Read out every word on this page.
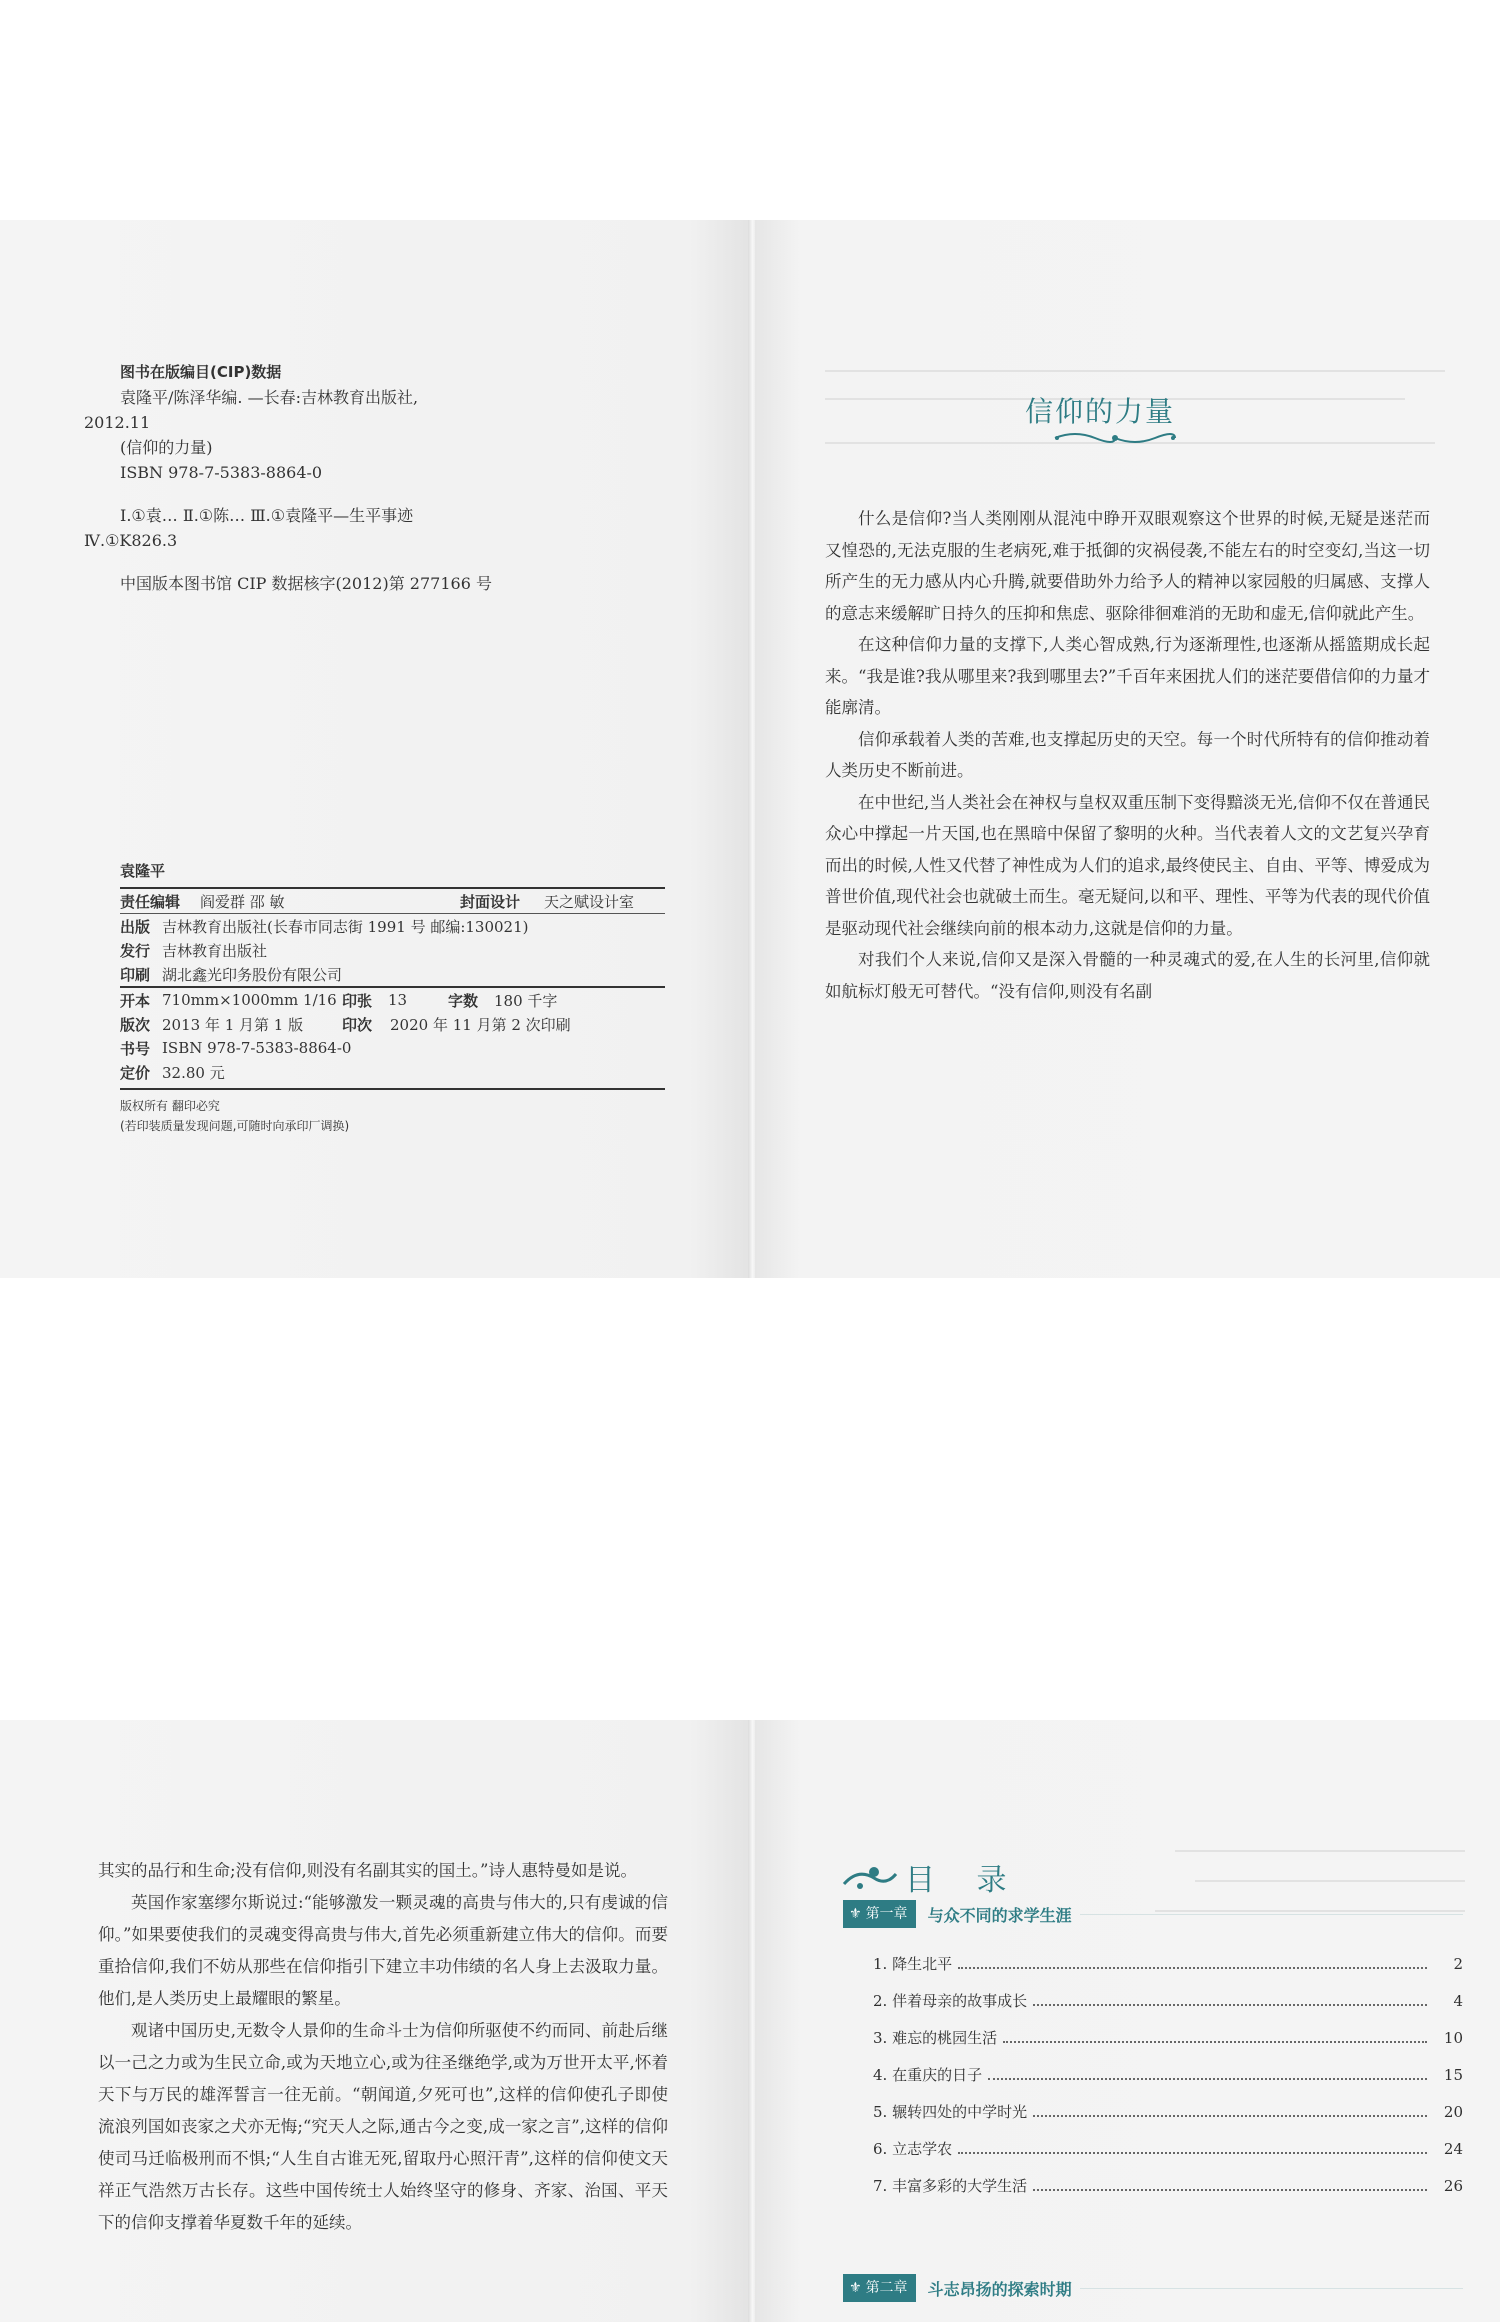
图书在版编目(CIP)数据
袁隆平/陈泽华编. —长春:吉林教育出版社,
2012.11
(信仰的力量)
ISBN 978-7-5383-8864-0
Ⅰ.①袁… Ⅱ.①陈… Ⅲ.①袁隆平—生平事迹
Ⅳ.①K826.3
中国版本图书馆 CIP 数据核字(2012)第 277166 号
袁隆平
责任编辑	阎爱群 邵 敏	封面设计	天之赋设计室
出版 吉林教育出版社(长春市同志街 1991 号 邮编:130021)
发行 吉林教育出版社
印刷 湖北鑫光印务股份有限公司
开本 710mm×1000mm 1/16 印张	13	字数	180 千字
版次 2013 年 1 月第 1 版	印次	2020 年 11 月第 2 次印刷
书号 ISBN 978-7-5383-8864-0
定价 32.80 元
版权所有 翻印必究
(若印装质量发现问题,可随时向承印厂调换)
信仰的力量

什么是信仰?当人类刚刚从混沌中睁开双眼观察这个世界的时候,无疑是迷茫而又惶恐的,无法克服的生老病死,难于抵御的灾祸侵袭,不能左右的时空变幻,当这一切所产生的无力感从内心升腾,就要借助外力给予人的精神以家园般的归属感、支撑人的意志来缓解旷日持久的压抑和焦虑、驱除徘徊难消的无助和虚无,信仰就此产生。

在这种信仰力量的支撑下,人类心智成熟,行为逐渐理性,也逐渐从摇篮期成长起来。“我是谁?我从哪里来?我到哪里去?”千百年来困扰人们的迷茫要借信仰的力量才能廓清。

信仰承载着人类的苦难,也支撑起历史的天空。每一个时代所特有的信仰推动着人类历史不断前进。

在中世纪,当人类社会在神权与皇权双重压制下变得黯淡无光,信仰不仅在普通民众心中撑起一片天国,也在黑暗中保留了黎明的火种。当代表着人文的文艺复兴孕育而出的时候,人性又代替了神性成为人们的追求,最终使民主、自由、平等、博爱成为普世价值,现代社会也就破土而生。毫无疑问,以和平、理性、平等为代表的现代价值是驱动现代社会继续向前的根本动力,这就是信仰的力量。

对我们个人来说,信仰又是深入骨髓的一种灵魂式的爱,在人生的长河里,信仰就如航标灯般无可替代。“没有信仰,则没有名副

其实的品行和生命;没有信仰,则没有名副其实的国土。”诗人惠特曼如是说。

英国作家塞缪尔斯说过:“能够激发一颗灵魂的高贵与伟大的,只有虔诚的信仰。”如果要使我们的灵魂变得高贵与伟大,首先必须重新建立伟大的信仰。而要重拾信仰,我们不妨从那些在信仰指引下建立丰功伟绩的名人身上去汲取力量。他们,是人类历史上最耀眼的繁星。

观诸中国历史,无数令人景仰的生命斗士为信仰所驱使不约而同、前赴后继以一己之力或为生民立命,或为天地立心,或为往圣继绝学,或为万世开太平,怀着天下与万民的雄浑誓言一往无前。“朝闻道,夕死可也”,这样的信仰使孔子即使流浪列国如丧家之犬亦无悔;“究天人之际,通古今之变,成一家之言”,这样的信仰使司马迁临极刑而不惧;“人生自古谁无死,留取丹心照汗青”,这样的信仰使文天祥正气浩然万古长存。这些中国传统士人始终坚守的修身、齐家、治国、平天下的信仰支撑着华夏数千年的延续。

目 录
⚜ 第一章 与众不同的求学生涯
1. 降生北平	2
2. 伴着母亲的故事成长	4
3. 难忘的桃园生活	10
4. 在重庆的日子	15
5. 辗转四处的中学时光	20
6. 立志学农	24
7. 丰富多彩的大学生活	26
⚜ 第二章 斗志昂扬的探索时期
